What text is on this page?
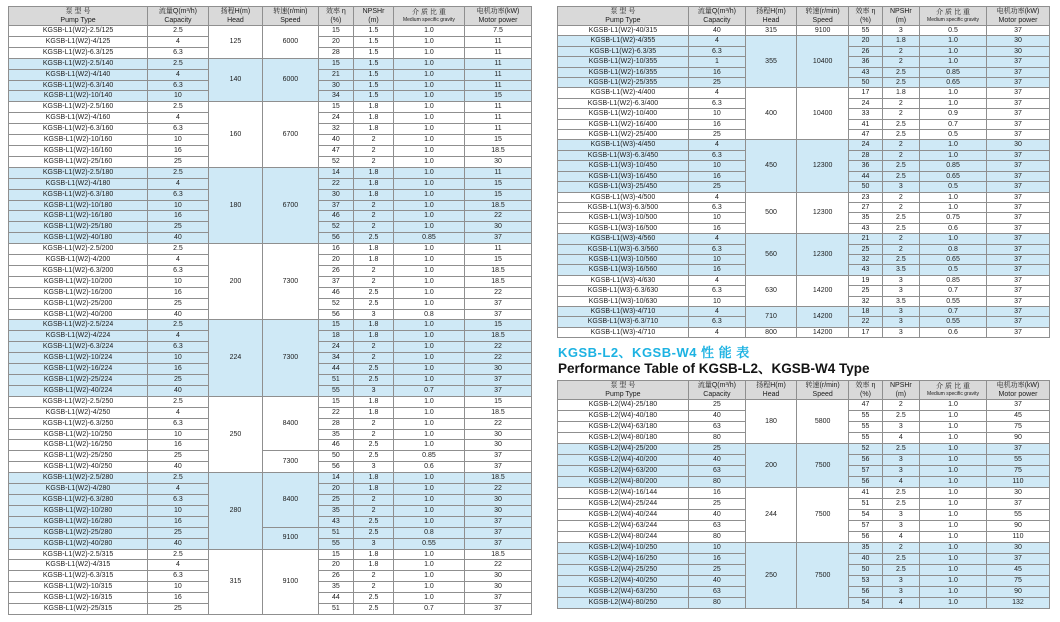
泵 型 号
Pump Type

流量Q(m³/h)
Capacity

扬程H(m)
Head

转速(r/min)
Speed

效率 η
(%)

NPSHr
(m)

介 质 比 重
Medium specific gravity

电机功率(kW)
Motor power

KGSB-L1(W2)-2.5/125	2.5	125	6000	15	1.5	1.0	7.5
KGSB-L1(W2)-4/125	4			20	1.5	1.0	11
KGSB-L1(W2)-6.3/125	6.3			28	1.5	1.0	11
KGSB-L1(W2)-2.5/140	2.5	140	6000	15	1.5	1.0	11
KGSB-L1(W2)-4/140	4			21	1.5	1.0	11
KGSB-L1(W2)-6.3/140	6.3			30	1.5	1.0	11
KGSB-L1(W2)-10/140	10			34	1.5	1.0	15
KGSB-L1(W2)-2.5/160	2.5	160	6700	15	1.8	1.0	11
KGSB-L1(W2)-4/160	4			24	1.8	1.0	11
KGSB-L1(W2)-6.3/160	6.3			32	1.8	1.0	11
KGSB-L1(W2)-10/160	10			40	2	1.0	15
KGSB-L1(W2)-16/160	16			47	2	1.0	18.5
KGSB-L1(W2)-25/160	25			52	2	1.0	30
KGSB-L1(W2)-2.5/180	2.5	180	6700	14	1.8	1.0	11
KGSB-L1(W2)-4/180	4			22	1.8	1.0	15
KGSB-L1(W2)-6.3/180	6.3			30	1.8	1.0	15
KGSB-L1(W2)-10/180	10			37	2	1.0	18.5
KGSB-L1(W2)-16/180	16			46	2	1.0	22
KGSB-L1(W2)-25/180	25			52	2	1.0	30
KGSB-L1(W2)-40/180	40			56	2.5	0.85	37
KGSB-L1(W2)-2.5/200	2.5	200	7300	16	1.8	1.0	11
KGSB-L1(W2)-4/200	4			20	1.8	1.0	15
KGSB-L1(W2)-6.3/200	6.3			26	2	1.0	18.5
KGSB-L1(W2)-10/200	10			37	2	1.0	18.5
KGSB-L1(W2)-16/200	16			46	2.5	1.0	22
KGSB-L1(W2)-25/200	25			52	2.5	1.0	37
KGSB-L1(W2)-40/200	40			56	3	0.8	37
KGSB-L1(W2)-2.5/224	2.5	224	7300	15	1.8	1.0	15
KGSB-L1(W2)-4/224	4			18	1.8	1.0	18.5
KGSB-L1(W2)-6.3/224	6.3			24	2	1.0	22
KGSB-L1(W2)-10/224	10			34	2	1.0	22
KGSB-L1(W2)-16/224	16			44	2.5	1.0	30
KGSB-L1(W2)-25/224	25			51	2.5	1.0	37
KGSB-L1(W2)-40/224	40			55	3	0.7	37
KGSB-L1(W2)-2.5/250	2.5	250	8400	15	1.8	1.0	15
KGSB-L1(W2)-4/250	4			22	1.8	1.0	18.5
KGSB-L1(W2)-6.3/250	6.3			28	2	1.0	22
KGSB-L1(W2)-10/250	10			35	2	1.0	30
KGSB-L1(W2)-16/250	16			46	2.5	1.0	30
KGSB-L1(W2)-25/250	25		7300	50	2.5	0.85	37
KGSB-L1(W2)-40/250	40			56	3	0.6	37
KGSB-L1(W2)-2.5/280	2.5	280	8400	14	1.8	1.0	18.5
KGSB-L1(W2)-4/280	4			20	1.8	1.0	22
KGSB-L1(W2)-6.3/280	6.3			25	2	1.0	30
KGSB-L1(W2)-10/280	10			35	2	1.0	30
KGSB-L1(W2)-16/280	16			43	2.5	1.0	37
KGSB-L1(W2)-25/280	25		9100	51	2.5	0.8	37
KGSB-L1(W2)-40/280	40			55	3	0.55	37
KGSB-L1(W2)-2.5/315	2.5	315	9100	15	1.8	1.0	18.5
KGSB-L1(W2)-4/315	4			20	1.8	1.0	22
KGSB-L1(W2)-6.3/315	6.3			26	2	1.0	30
KGSB-L1(W2)-10/315	10			35	2	1.0	30
KGSB-L1(W2)-16/315	16			44	2.5	1.0	37
KGSB-L1(W2)-25/315	25			51	2.5	0.7	37
泵 型 号
Pump Type

流量Q(m³/h)
Capacity

扬程H(m)
Head

转速(r/min)
Speed

效率 η
(%)

NPSHr
(m)

介 质 比 重
Medium specific gravity

电机功率(kW)
Motor power

KGSB-L1(W2)-40/315	40	315	9100	55	3	0.5	37
KGSB-L1(W2)-4/355	4	355	10400	20	1.8	1.0	30
KGSB-L1(W2)-6.3/35	6.3			26	2	1.0	30
KGSB-L1(W2)-10/355	1			36	2	1.0	37
KGSB-L1(W2)-16/355	16			43	2.5	0.85	37
KGSB-L1(W2)-25/355	25			50	2.5	0.65	37
KGSB-L1(W2)-4/400	4	400	10400	17	1.8	1.0	37
KGSB-L1(W2)-6.3/400	6.3			24	2	1.0	37
KGSB-L1(W2)-10/400	10			33	2	0.9	37
KGSB-L1(W2)-16/400	16			41	2.5	0.7	37
KGSB-L1(W2)-25/400	25			47	2.5	0.5	37
KGSB-L1(W3)-4/450	4	450	12300	24	2	1.0	30
KGSB-L1(W3)-6.3/450	6.3			28	2	1.0	37
KGSB-L1(W3)-10/450	10			36	2.5	0.85	37
KGSB-L1(W3)-16/450	16			44	2.5	0.65	37
KGSB-L1(W3)-25/450	25			50	3	0.5	37
KGSB-L1(W3)-4/500	4	500	12300	23	2	1.0	37
KGSB-L1(W3)-6.3/500	6.3			27	2	1.0	37
KGSB-L1(W3)-10/500	10			35	2.5	0.75	37
KGSB-L1(W3)-16/500	16			43	2.5	0.6	37
KGSB-L1(W3)-4/560	4	560	12300	21	2	1.0	37
KGSB-L1(W3)-6.3/560	6.3			25	2	0.8	37
KGSB-L1(W3)-10/560	10			32	2.5	0.65	37
KGSB-L1(W3)-16/560	16			43	3.5	0.5	37
KGSB-L1(W3)-4/630	4	630	14200	19	3	0.85	37
KGSB-L1(W3)-6.3/630	6.3			25	3	0.7	37
KGSB-L1(W3)-10/630	10			32	3.5	0.55	37
KGSB-L1(W3)-4/710	4	710	14200	18	3	0.7	37
KGSB-L1(W3)-6.3/710	6.3			22	3	0.55	37
KGSB-L1(W3)-4/710	4	800	14200	17	3	0.6	37
KGSB-L2、KGSB-W4 性 能 表
Performance Table of KGSB-L2、KGSB-W4 Type
泵 型 号
Pump Type

流量Q(m³/h)
Capacity

扬程H(m)
Head

转速(r/min)
Speed

效率 η
(%)

NPSHr
(m)

介 质 比 重
Medium specific gravity

电机功率(kW)
Motor power

KGSB-L2(W4)-25/180	25	180	5800	47	2	1.0	37
KGSB-L2(W4)-40/180	40			55	2.5	1.0	45
KGSB-L2(W4)-63/180	63			55	3	1.0	75
KGSB-L2(W4)-80/180	80			55	4	1.0	90
KGSB-L2(W4)-25/200	25	200	7500	52	2.5	1.0	37
KGSB-L2(W4)-40/200	40			56	3	1.0	55
KGSB-L2(W4)-63/200	63			57	3	1.0	75
KGSB-L2(W4)-80/200	80			56	4	1.0	110
KGSB-L2(W4)-16/144	16	244	7500	41	2.5	1.0	30
KGSB-L2(W4)-25/244	25			51	2.5	1.0	37
KGSB-L2(W4)-40/244	40			54	3	1.0	55
KGSB-L2(W4)-63/244	63			57	3	1.0	90
KGSB-L2(W4)-80/244	80			56	4	1.0	110
KGSB-L2(W4)-10/250	10	250	7500	35	2	1.0	30
KGSB-L2(W4)-16/250	16			40	2.5	1.0	37
KGSB-L2(W4)-25/250	25			50	2.5	1.0	45
KGSB-L2(W4)-40/250	40			53	3	1.0	75
KGSB-L2(W4)-63/250	63			56	3	1.0	90
KGSB-L2(W4)-80/250	80			54	4	1.0	132
